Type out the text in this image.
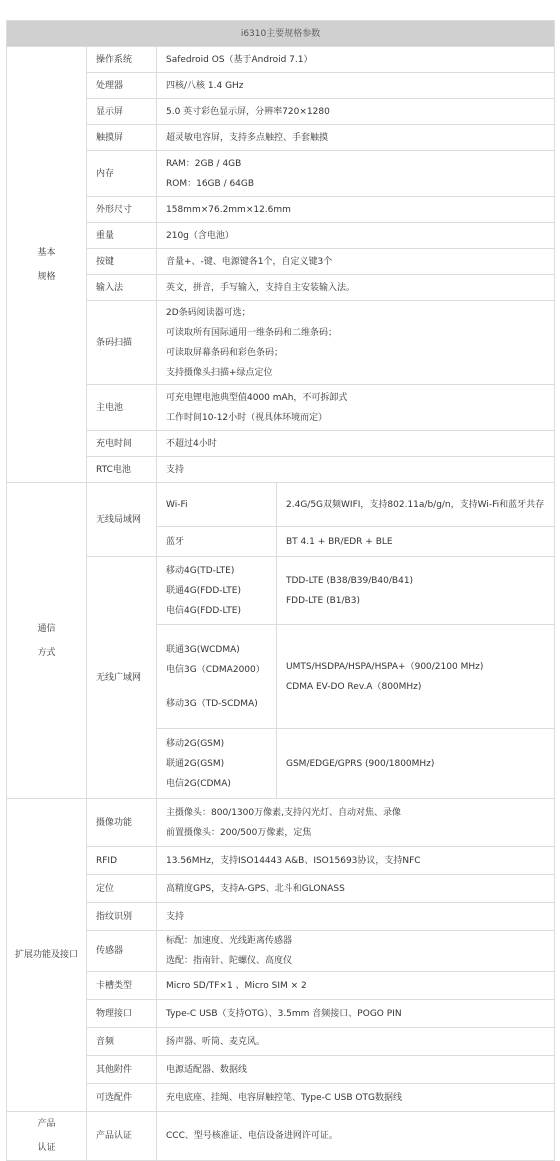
i6310主要规格参数			

基本
规格	操作系统	Safedroid OS（基于Android 7.1）	

	处理器	四核/八核 1.4 GHz	

	显示屏	5.0 英寸彩色显示屏，分辨率720×1280	

	触摸屏	超灵敏电容屏，支持多点触控、手套触摸	

	内存	RAM：2GB / 4GB
ROM：16GB / 64GB	

	外形尺寸	158mm×76.2mm×12.6mm	

	重量	210g（含电池）	

	按键	音量+、-键、电源键各1个，自定义键3个	

	输入法	英文，拼音，手写输入，支持自主安装输入法。	

	条码扫描	2D条码阅读器可选；
可读取所有国际通用一维条码和二维条码；
可读取屏幕条码和彩色条码；
支持摄像头扫描+绿点定位	

	主电池	可充电锂电池典型值4000 mAh，不可拆卸式
工作时间10-12小时（视具体环境而定）	

	充电时间	不超过4小时	

	RTC电池	支持	

通信
方式	无线局域网	Wi-Fi	2.4G/5G双频WIFI，支持802.11a/b/g/n，支持Wi-Fi和蓝牙共存
		蓝牙	BT 4.1 + BR/EDR + BLE
	无线广域网	移动4G(TD-LTE)
联通4G(FDD-LTE)
电信4G(FDD-LTE)	TDD-LTE (B38/B39/B40/B41)
FDD-LTE (B1/B3)

		联通3G(WCDMA)
电信3G（CDMA2000）
移动3G（TD-SCDMA)	UMTS/HSDPA/HSPA/HSPA+（900/2100 MHz)
CDMA EV-DO Rev.A（800MHz)

		移动2G(GSM)
联通2G(GSM)
电信2G(CDMA)	GSM/EDGE/GPRS (900/1800MHz)

扩展功能及接口	摄像功能	主摄像头：800/1300万像素,支持闪光灯、自动对焦、录像
前置摄像头：200/500万像素，定焦	

	RFID	13.56MHz，支持ISO14443 A&B、ISO15693协议，支持NFC	

	定位	高精度GPS，支持A-GPS、北斗和GLONASS	

	指纹识别	支持	

	传感器	标配：加速度、光线距离传感器
选配：指南针、陀螺仪、高度仪	

	卡槽类型	Micro SD/TF×1 、Micro SIM × 2	

	物理接口	Type-C USB（支持OTG）、3.5mm 音频接口、POGO PIN	

	音频	扬声器、听筒、麦克风。	

	其他附件	电源适配器、数据线	

	可选配件	充电底座、挂绳、电容屏触控笔、Type-C USB OTG数据线	

产品
认证	产品认证	CCC、型号核准证、电信设备进网许可证。	
